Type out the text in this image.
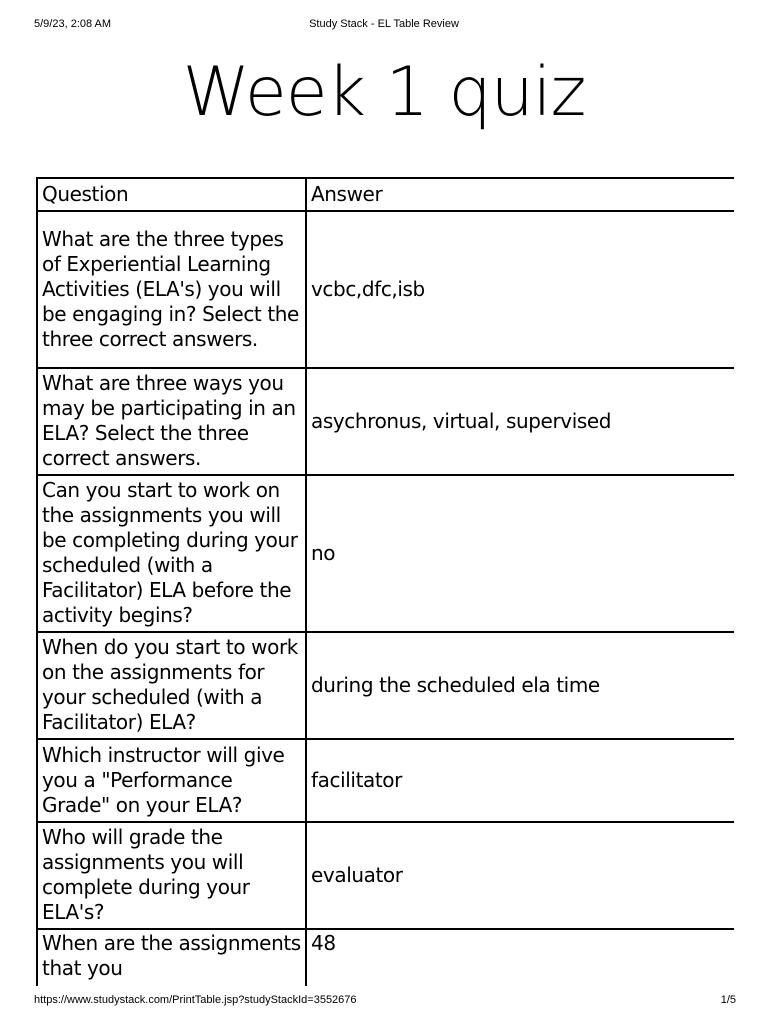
5/9/23, 2:08 AM	Study Stack - EL Table Review
Week 1 quiz
Question	Answer
What are the three types of Experiential Learning Activities (ELA's) you will be engaging in? Select the three correct answers.	vcbc,dfc,isb
What are three ways you may be participating in an ELA? Select the three correct answers.	asychronus, virtual, supervised
Can you start to work on the assignments you will be completing during your scheduled (with a Facilitator) ELA before the activity begins?	no
When do you start to work on the assignments for your scheduled (with a Facilitator) ELA?	during the scheduled ela time
Which instructor will give you a "Performance Grade" on your ELA?	facilitator
Who will grade the assignments you will complete during your ELA's?	evaluator
When are the assignments that you	48
https://www.studystack.com/PrintTable.jsp?studyStackId=3552676	1/5
